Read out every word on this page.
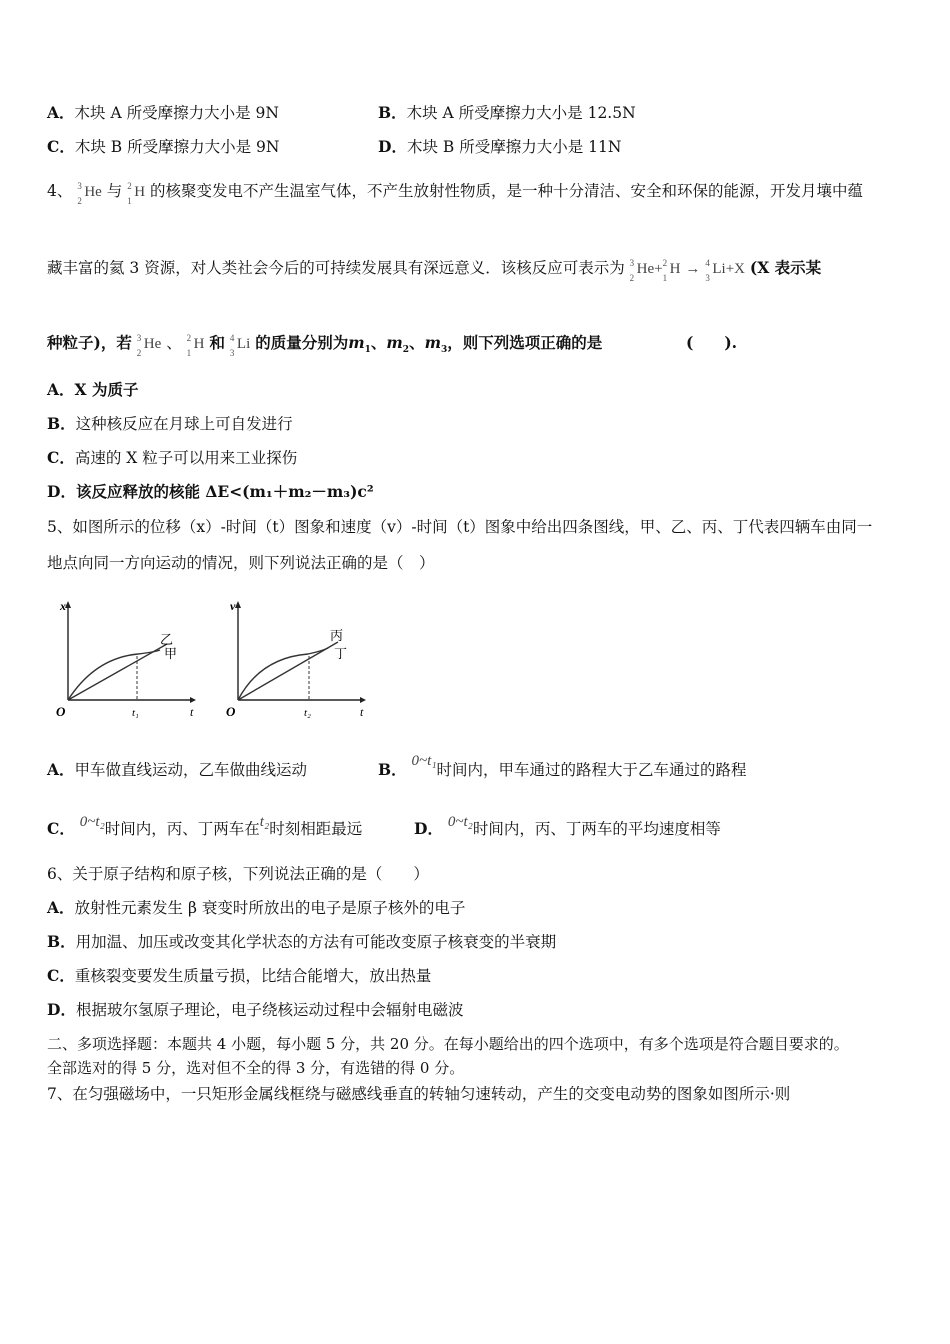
A．木块 A 所受摩擦力大小是 9N	B．木块 A 所受摩擦力大小是 12.5N
C．木块 B 所受摩擦力大小是 9N	D．木块 B 所受摩擦力大小是 11N
4、 3
2
He 与 2
1
H 的核聚变发电不产生温室气体，不产生放射性物质，是一种十分清洁、安全和环保的能源，开发月壤中蕴
藏丰富的氦 3 资源，对人类社会今后的可持续发展具有深远意义．该核反应可表示为 3
2
He+ 2
1
H → 4
3
Li+X (X 表示某
种粒子)，若 3
2
He 、 2
1
H 和 4
3
Li 的质量分别为$m_1$、$m_2$、$m_3$，则下列选项正确的是	(　　).
A．X 为质子
B．这种核反应在月球上可自发进行
C．高速的 X 粒子可以用来工业探伤
D．该反应释放的核能 ΔE<(m₁＋m₂－m₃)c²
5、如图所示的位移（x）-时间（t）图象和速度（v）-时间（t）图象中给出四条图线，甲、乙、丙、丁代表四辆车由同一
地点向同一方向运动的情况，则下列说法正确的是（　）
x
t
O	t₁
乙
甲
v
t
O	t₂
丙
丁
A．甲车做直线运动，乙车做曲线运动	B． 0~t₁时间内，甲车通过的路程大于乙车通过的路程
C． 0~t₂时间内，丙、丁两车在t₂时刻相距最远	D． 0~t₂时间内，丙、丁两车的平均速度相等
6、关于原子结构和原子核，下列说法正确的是（　　）
A．放射性元素发生 β 衰变时所放出的电子是原子核外的电子
B．用加温、加压或改变其化学状态的方法有可能改变原子核衰变的半衰期
C．重核裂变要发生质量亏损，比结合能增大，放出热量
D．根据玻尔氢原子理论，电子绕核运动过程中会辐射电磁波
二、多项选择题：本题共 4 小题，每小题 5 分，共 20 分。在每小题给出的四个选项中，有多个选项是符合题目要求的。
全部选对的得 5 分，选对但不全的得 3 分，有选错的得 0 分。
7、在匀强磁场中，一只矩形金属线框绕与磁感线垂直的转轴匀速转动，产生的交变电动势的图象如图所示·则
